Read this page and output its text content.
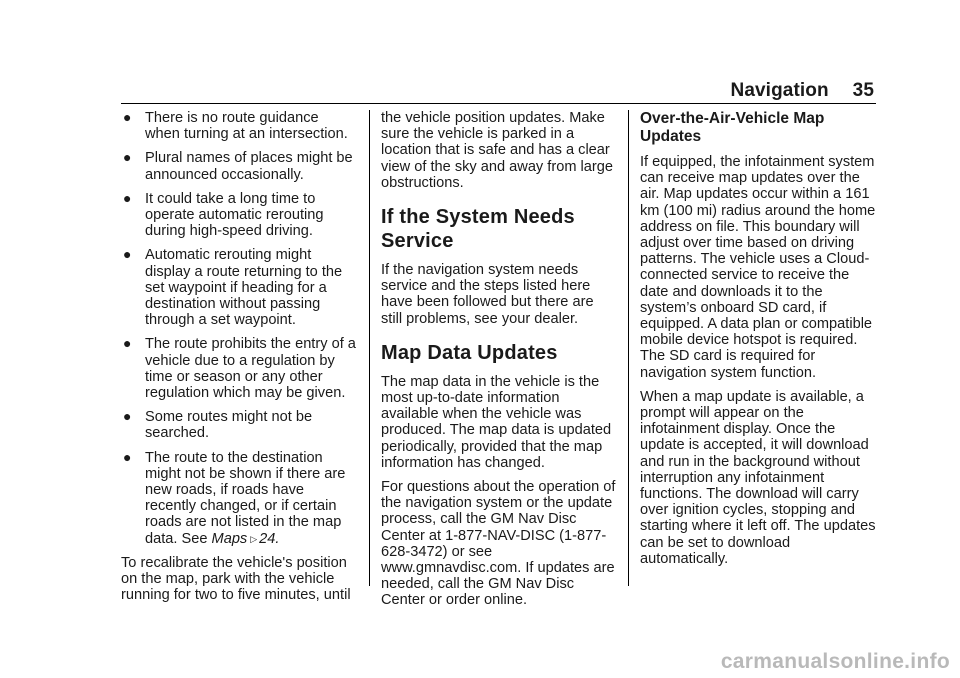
Navigation 35
● There is no route guidance when turning at an intersection.
● Plural names of places might be announced occasionally.
● It could take a long time to operate automatic rerouting during high-speed driving.
● Automatic rerouting might display a route returning to the set waypoint if heading for a destination without passing through a set waypoint.
● The route prohibits the entry of a vehicle due to a regulation by time or season or any other regulation which may be given.
● Some routes might not be searched.
● The route to the destination might not be shown if there are new roads, if roads have recently changed, or if certain roads are not listed in the map data. See Maps ▷ 24.

To recalibrate the vehicle's position on the map, park with the vehicle running for two to five minutes, until

the vehicle position updates. Make sure the vehicle is parked in a location that is safe and has a clear view of the sky and away from large obstructions.

If the System Needs Service

If the navigation system needs service and the steps listed here have been followed but there are still problems, see your dealer.

Map Data Updates

The map data in the vehicle is the most up-to-date information available when the vehicle was produced. The map data is updated periodically, provided that the map information has changed.

For questions about the operation of the navigation system or the update process, call the GM Nav Disc Center at 1-877-NAV-DISC (1-877-628-3472) or see www.gmnavdisc.com. If updates are needed, call the GM Nav Disc Center or order online.

Over-the-Air-Vehicle Map Updates

If equipped, the infotainment system can receive map updates over the air. Map updates occur within a 161 km (100 mi) radius around the home address on file. This boundary will adjust over time based on driving patterns. The vehicle uses a Cloud-connected service to receive the date and downloads it to the system’s onboard SD card, if equipped. A data plan or compatible mobile device hotspot is required. The SD card is required for navigation system function.

When a map update is available, a prompt will appear on the infotainment display. Once the update is accepted, it will download and run in the background without interruption any infotainment functions. The download will carry over ignition cycles, stopping and starting where it left off. The updates can be set to download automatically.

carmanualsonline.info
